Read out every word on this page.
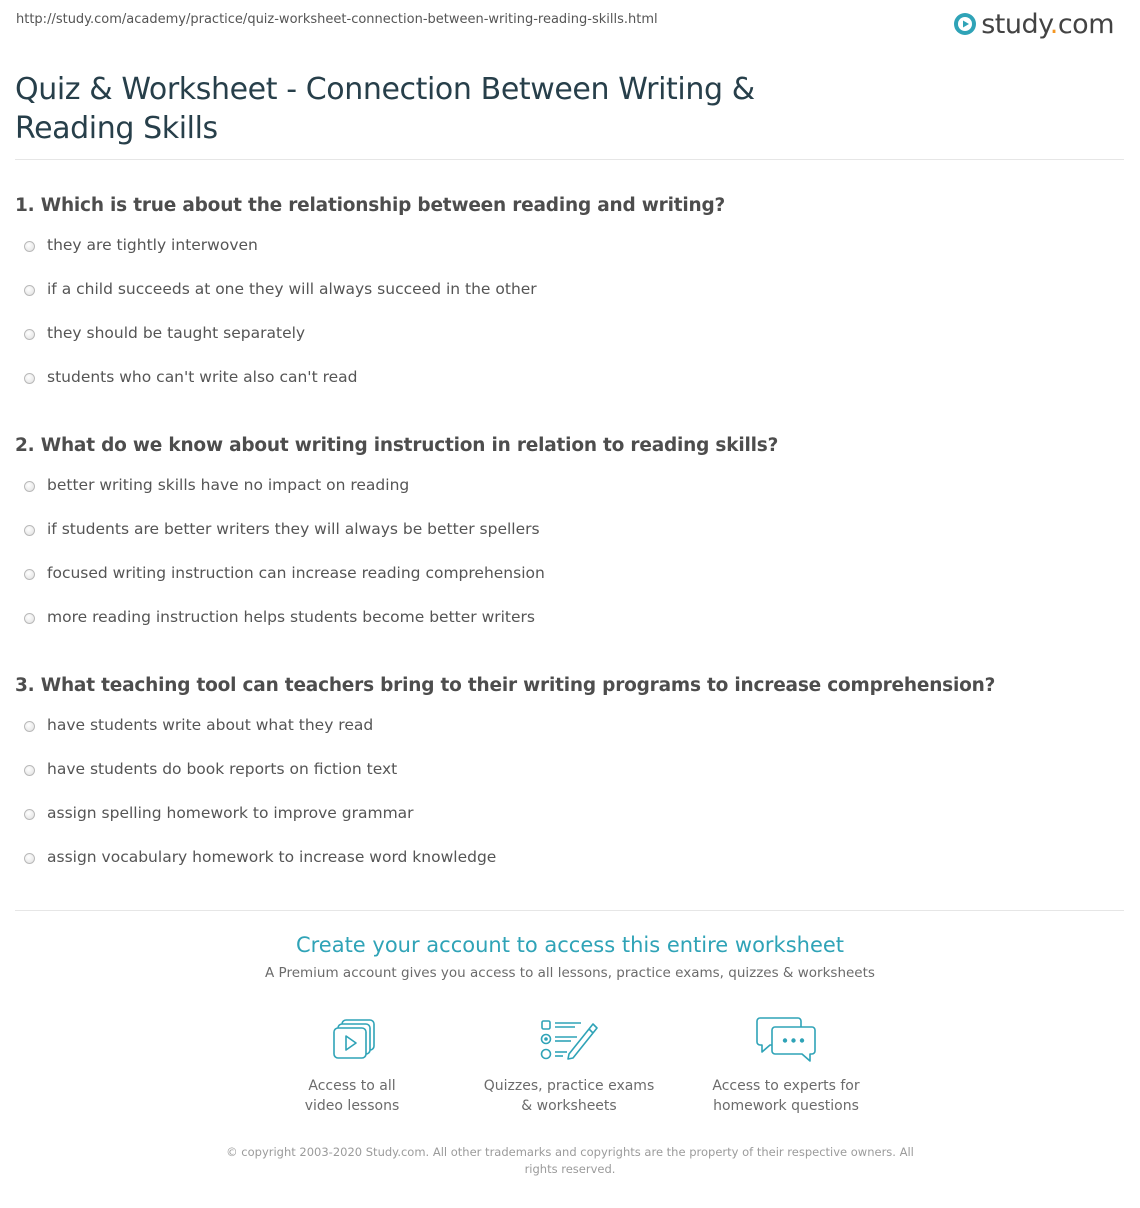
http://study.com/academy/practice/quiz-worksheet-connection-between-writing-reading-skills.html	study.com
Quiz & Worksheet - Connection Between Writing & Reading Skills
1. Which is true about the relationship between reading and writing?
they are tightly interwoven
if a child succeeds at one they will always succeed in the other
they should be taught separately
students who can't write also can't read
2. What do we know about writing instruction in relation to reading skills?
better writing skills have no impact on reading
if students are better writers they will always be better spellers
focused writing instruction can increase reading comprehension
more reading instruction helps students become better writers
3. What teaching tool can teachers bring to their writing programs to increase comprehension?
have students write about what they read
have students do book reports on fiction text
assign spelling homework to improve grammar
assign vocabulary homework to increase word knowledge
Create your account to access this entire worksheet
A Premium account gives you access to all lessons, practice exams, quizzes & worksheets
Access to all
video lessons
Quizzes, practice exams
& worksheets
Access to experts for
homework questions
© copyright 2003-2020 Study.com. All other trademarks and copyrights are the property of their respective owners. All rights reserved.
